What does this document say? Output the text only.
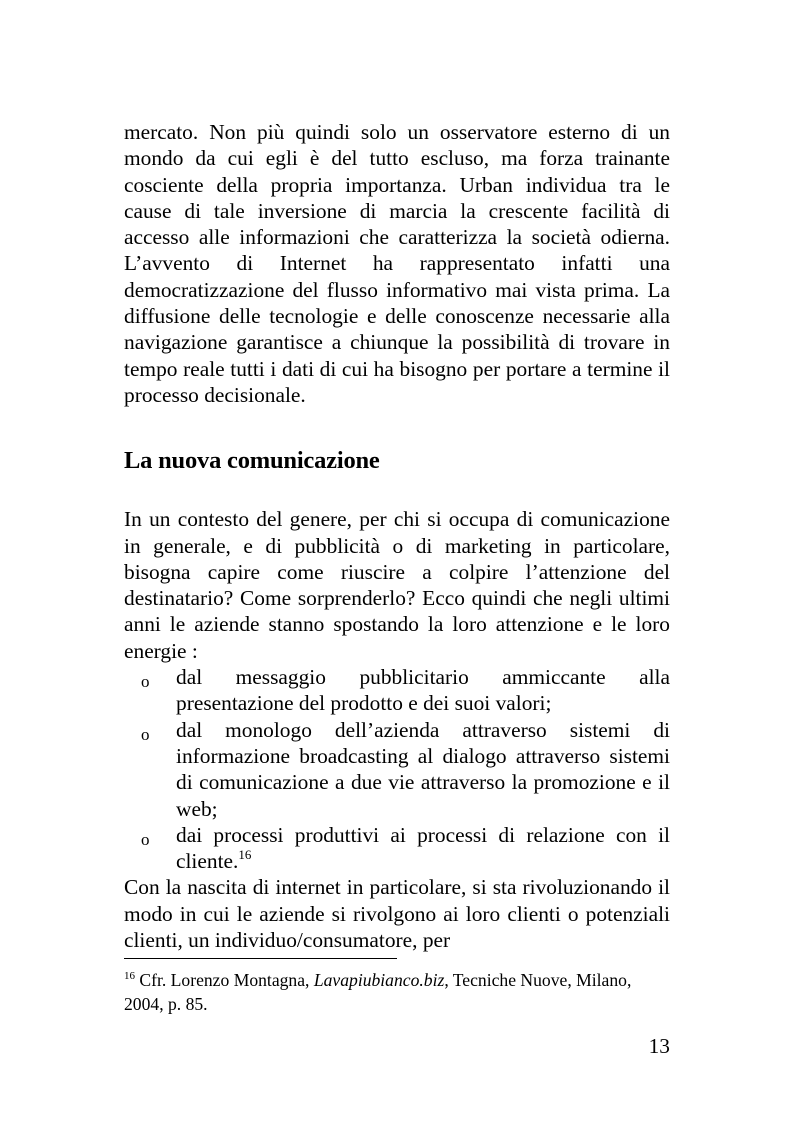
mercato. Non più quindi solo un osservatore esterno di un mondo da cui egli è del tutto escluso, ma forza trainante cosciente della propria importanza. Urban individua tra le cause di tale inversione di marcia la crescente facilità di accesso alle informazioni che caratterizza la società odierna. L’avvento di Internet ha rappresentato infatti una democratizzazione del flusso informativo mai vista prima. La diffusione delle tecnologie e delle conoscenze necessarie alla navigazione garantisce a chiunque la possibilità di trovare in tempo reale tutti i dati di cui ha bisogno per portare a termine il processo decisionale.

La nuova comunicazione

In un contesto del genere, per chi si occupa di comunicazione in generale, e di pubblicità o di marketing in particolare, bisogna capire come riuscire a colpire l’attenzione del destinatario? Come sorprenderlo? Ecco quindi che negli ultimi anni le aziende stanno spostando la loro attenzione e le loro energie :

o dal messaggio pubblicitario ammiccante alla presentazione del prodotto e dei suoi valori;
o dal monologo dell’azienda attraverso sistemi di informazione broadcasting al dialogo attraverso sistemi di comunicazione a due vie attraverso la promozione e il web;
o dai processi produttivi ai processi di relazione con il cliente.$^{16}$

Con la nascita di internet in particolare, si sta rivoluzionando il modo in cui le aziende si rivolgono ai loro clienti o potenziali clienti, un individuo/consumatore, per

$^{16}$ Cfr. Lorenzo Montagna, Lavapiubianco.biz, Tecniche Nuove, Milano, 2004, p. 85.
13
